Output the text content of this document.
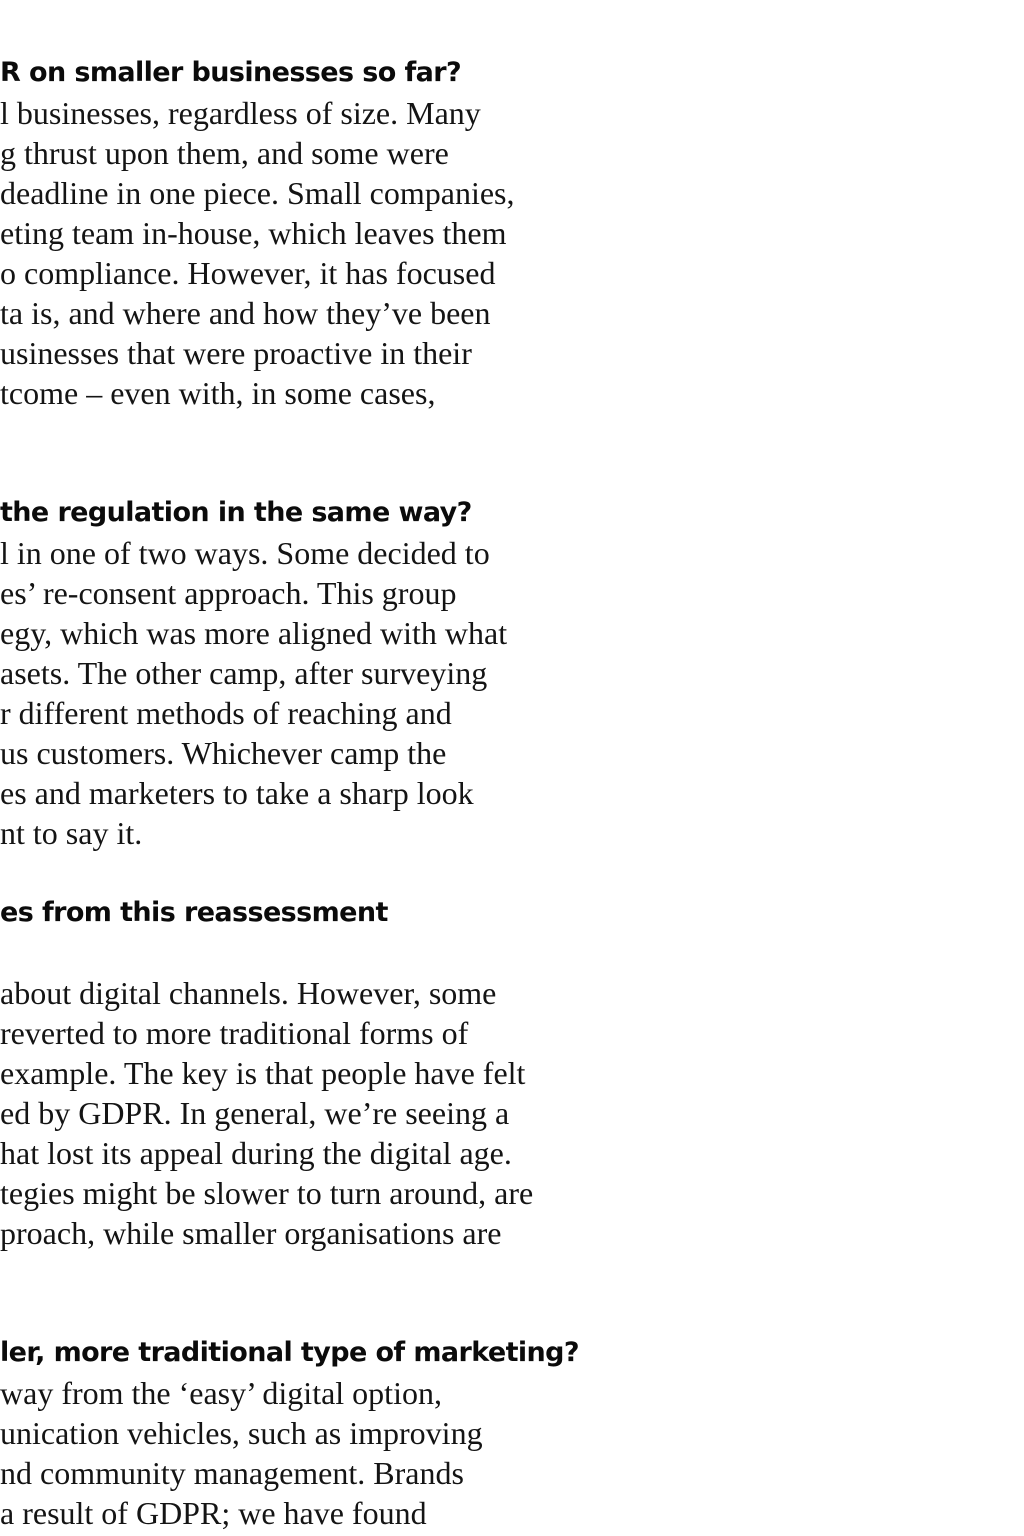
R on smaller businesses so far?
l businesses, regardless of size. Many
g thrust upon them, and some were
deadline in one piece. Small companies,
eting team in-house, which leaves them
o compliance. However, it has focused
ta is, and where and how they’ve been
usinesses that were proactive in their
tcome – even with, in some cases,
the regulation in the same way?
l in one of two ways. Some decided to
es’ re-consent approach. This group
egy, which was more aligned with what
asets. The other camp, after surveying
r different methods of reaching and
us customers. Whichever camp the
es and marketers to take a sharp look
nt to say it.
es from this reassessment
about digital channels. However, some
reverted to more traditional forms of
example. The key is that people have felt
ed by GDPR. In general, we’re seeing a
hat lost its appeal during the digital age.
tegies might be slower to turn around, are
proach, while smaller organisations are
ler, more traditional type of marketing?
way from the ‘easy’ digital option,
unication vehicles, such as improving
nd community management. Brands
a result of GDPR; we have found
